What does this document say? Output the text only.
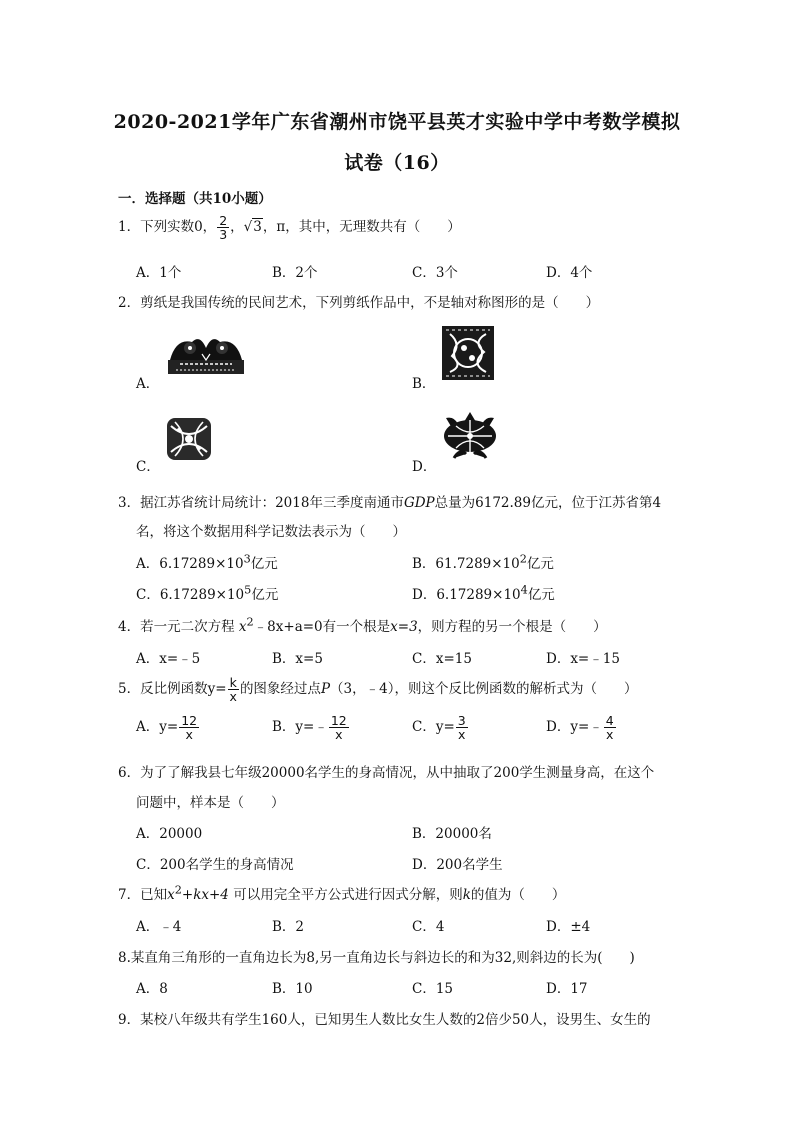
2020-2021学年广东省潮州市饶平县英才实验中学中考数学模拟
试卷（16）
一．选择题（共10小题）
1．下列实数0， $\frac{2}{3}$ ，√3，π，其中，无理数共有（　　）
A．1个	B．2个	C．3个	D．4个
2．剪纸是我国传统的民间艺术，下列剪纸作品中，不是轴对称图形的是（　　）
A．	B．
C．	D．
3．据江苏省统计局统计：2018年三季度南通市GDP总量为6172.89亿元，位于江苏省第4
名，将这个数据用科学记数法表示为（　　）
A．$6.17289\times 10^3$亿元	B．$61.7289\times 10^2$亿元
C．$6.17289\times 10^5$亿元	D．$6.17289\times 10^4$亿元
4．若一元二次方程 $x^2﹣8x+a=0$有一个根是x=3，则方程的另一个根是（　　）
A．x=﹣5	B．x=5	C．x=15	D．x=﹣15
5．反比例函数$y= \frac{k}{x}$ 的图象经过点P（3，﹣4），则这个反比例函数的解析式为（　　）
A．$y= \frac{12}{x}$	B．y=﹣ $\frac{12}{x}$	C．$y= \frac{3}{x}$	D．y=﹣ $\frac{4}{x}$
6．为了了解我县七年级20000名学生的身高情况，从中抽取了200学生测量身高，在这个
问题中，样本是（　　）
A．20000	B．20000名
C．200名学生的身高情况	D．200名学生
7．已知$x^2+kx+4$ 可以用完全平方公式进行因式分解，则k的值为（　　）
A．﹣4	B．2	C．4	D．±4
8.某直角三角形的一直角边长为8,另一直角边长与斜边长的和为32,则斜边的长为(　　)
A．8	B．10	C．15	D．17
9．某校八年级共有学生160人，已知男生人数比女生人数的2倍少50人，设男生、女生的
